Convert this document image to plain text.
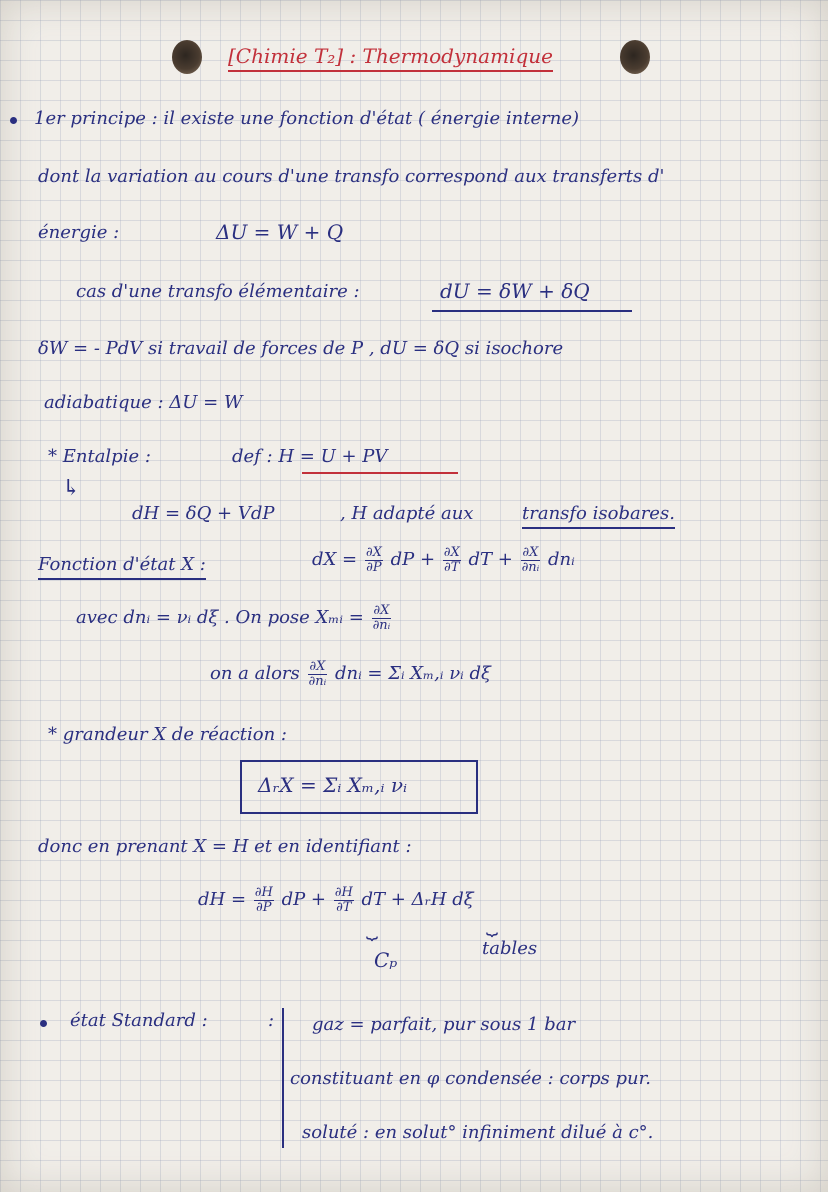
[Chimie T₂] : Thermodynamique
1er principe : il existe une fonction d'état ( énergie interne)
dont la variation au cours d'une transfo correspond aux transferts d'
énergie :	ΔU = W + Q
cas d'une transfo élémentaire :	dU = δW + δQ
δW = - PdV si travail de forces de P , dU = δQ si isochore
adiabatique : ΔU = W
* Entalpie :	def : H = U + PV
↳
dH = δQ + VdP	, H adapté aux	transfo isobares.
Fonction d'état X :	dX = $\frac{\partial X}{\partial P}$ dP + $\frac{\partial X}{\partial T}$ dT + $\frac{\partial X}{\text{∂nᵢ}}$ dnᵢ
avec dnᵢ = νᵢ dξ . On pose Xₘᵢ = $\frac{\partial X}{\text{∂nᵢ}}$
on a alors $\frac{\partial X}{\text{∂nᵢ}}$ dnᵢ = Σᵢ Xₘ,ᵢ νᵢ dξ
* grandeur X de réaction :
ΔᵣX = Σᵢ Xₘ,ᵢ νᵢ
donc en prenant X = H et en identifiant :
dH = $\frac{\partial H}{\partial P}$ dP + $\frac{\partial H}{\partial T}$ dT + ΔᵣH dξ
⏟
Cₚ
⏟
tables
état Standard :	: gaz = parfait, pur sous 1 bar
constituant en φ condensée : corps pur.
soluté : en solut° infiniment dilué à c°.
